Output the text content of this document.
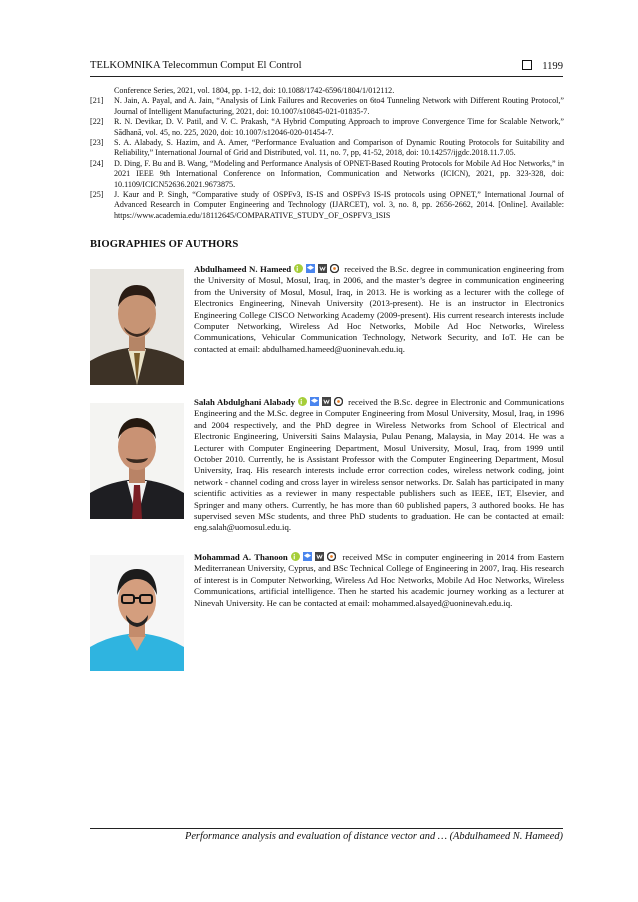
TELKOMNIKA Telecommun Comput El Control	1199

Conference Series, 2021, vol. 1804, pp. 1-12, doi: 10.1088/1742-6596/1804/1/012112.

[21] N. Jain, A. Payal, and A. Jain, “Analysis of Link Failures and Recoveries on 6to4 Tunneling Network with Different Routing Protocol,” Journal of Intelligent Manufacturing, 2021, doi: 10.1007/s10845-021-01835-7.

[22] R. N. Devikar, D. V. Patil, and V. C. Prakash, “A Hybrid Computing Approach to improve Convergence Time for Scalable Network,” Sādhanā, vol. 45, no. 225, 2020, doi: 10.1007/s12046-020-01454-7.

[23] S. A. Alabady, S. Hazim, and A. Amer, “Performance Evaluation and Comparison of Dynamic Routing Protocols for Suitability and Reliability,” International Journal of Grid and Distributed, vol. 11, no. 7, pp, 41-52, 2018, doi: 10.14257/ijgdc.2018.11.7.05.

[24] D. Ding, F. Bu and B. Wang, “Modeling and Performance Analysis of OPNET-Based Routing Protocols for Mobile Ad Hoc Networks,” in 2021 IEEE 9th International Conference on Information, Communication and Networks (ICICN), 2021, pp. 323-328, doi: 10.1109/ICICN52636.2021.9673875.

[25] J. Kaur and P. Singh, “Comparative study of OSPFv3, IS-IS and OSPFv3 IS-IS protocols using OPNET,” International Journal of Advanced Research in Computer Engineering and Technology (IJARCET), vol. 3, no. 8, pp. 2656-2662, 2014. [Online]. Available: https://www.academia.edu/18112645/COMPARATIVE_STUDY_OF_OSPFV3_ISIS

BIOGRAPHIES OF AUTHORS
Abdulhameed N. Hameed	received the B.Sc. degree in communication engineering from the University of Mosul, Mosul, Iraq, in 2006, and the master’s degree in communication engineering from the University of Mosul, Mosul, Iraq, in 2013. He is working as a lecturer with the college of Electronics Engineering, Ninevah University (2013-present). He is an instructor in Electronics Engineering College CISCO Networking Academy (2009-present). His current research interests include Computer Networking, Wireless Ad Hoc Networks, Mobile Ad Hoc Networks, Wireless Communications, Vehicular Communication Technology, Network Security, and IoT. He can be contacted at email: abdulhamed.hameed@uoninevah.edu.iq.
Salah Abdulghani Alabady	received the B.Sc. degree in Electronic and Communications Engineering and the M.Sc. degree in Computer Engineering from Mosul University, Mosul, Iraq, in 1996 and 2004 respectively, and the PhD degree in Wireless Networks from School of Electrical and Electronic Engineering, Universiti Sains Malaysia, Pulau Penang, Malaysia, in May 2014. He was a Lecturer with Computer Engineering Department, Mosul University, Mosul, Iraq, from 1999 until October 2010. Currently, he is Assistant Professor with the Computer Engineering Department, Mosul University, Iraq. His research interests include error correction codes, wireless network coding, joint network - channel coding and cross layer in wireless sensor networks. Dr. Salah has participated in many scientific activities as a reviewer in many respectable publishers such as IEEE, IET, Elsevier, and Springer and many others. Currently, he has more than 60 published papers, 3 authored books. He has supervised seven MSc students, and three PhD students to graduation. He can be contacted at email: eng.salah@uomosul.edu.iq.
Mohammad A. Thanoon	received MSc in computer engineering in 2014 from Eastern Mediterranean University, Cyprus, and BSc Technical College of Engineering in 2007, Iraq. His research of interest is in Computer Networking, Wireless Ad Hoc Networks, Mobile Ad Hoc Networks, Wireless Communications, artificial intelligence. Then he started his academic journey working as a lecturer at Ninevah University. He can be contacted at email: mohammed.alsayed@uoninevah.edu.iq.
Performance analysis and evaluation of distance vector and … (Abdulhameed N. Hameed)
